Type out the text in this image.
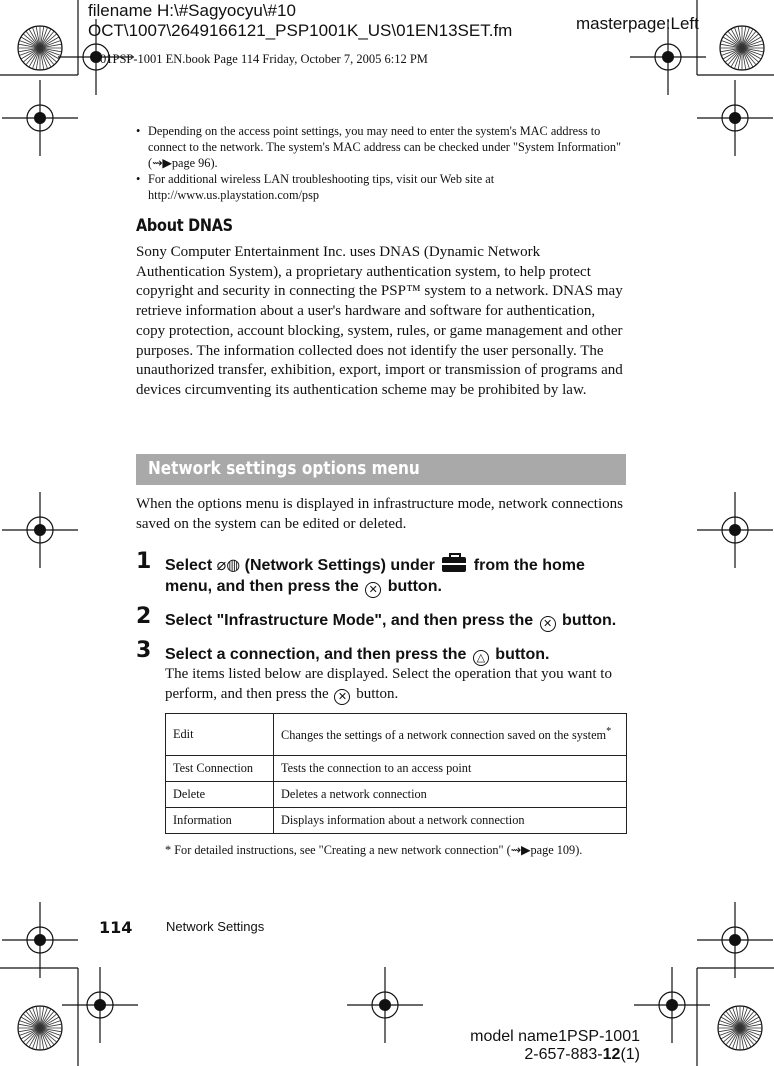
filename H:\#Sagyocyu\#10
OCT\1007\2649166121_PSP1001K_US\01EN13SET.fm	masterpage:Left
01PSP-1001 EN.book Page 114 Friday, October 7, 2005 6:12 PM
• Depending on the access point settings, you may need to enter the system's MAC address to connect to the network. The system's MAC address can be checked under "System Information" (⇝▶page 96).
• For additional wireless LAN troubleshooting tips, visit our Web site at http://www.us.playstation.com/psp
About DNAS
Sony Computer Entertainment Inc. uses DNAS (Dynamic Network Authentication System), a proprietary authentication system, to help protect copyright and security in connecting the PSP™ system to a network. DNAS may retrieve information about a user's hardware and software for authentication, copy protection, account blocking, system, rules, or game management and other purposes. The information collected does not identify the user personally. The unauthorized transfer, exhibition, export, import or transmission of programs and devices circumventing its authentication scheme may be prohibited by law.
Network settings options menu
When the options menu is displayed in infrastructure mode, network connections saved on the system can be edited or deleted.
1 Select ⌀◍ (Network Settings) under
from the home menu, and then press the ✕ button.
2 Select "Infrastructure Mode", and then press the ✕ button.
3 Select a connection, and then press the △ button.
The items listed below are displayed. Select the operation that you want to perform, and then press the ✕ button.
Edit	Changes the settings of a network connection saved on the system*
Test Connection	Tests the connection to an access point
Delete	Deletes a network connection
Information	Displays information about a network connection
* For detailed instructions, see "Creating a new network connection" (⇝▶page 109).
114	Network Settings
model name1PSP-1001
2-657-883-12(1)
